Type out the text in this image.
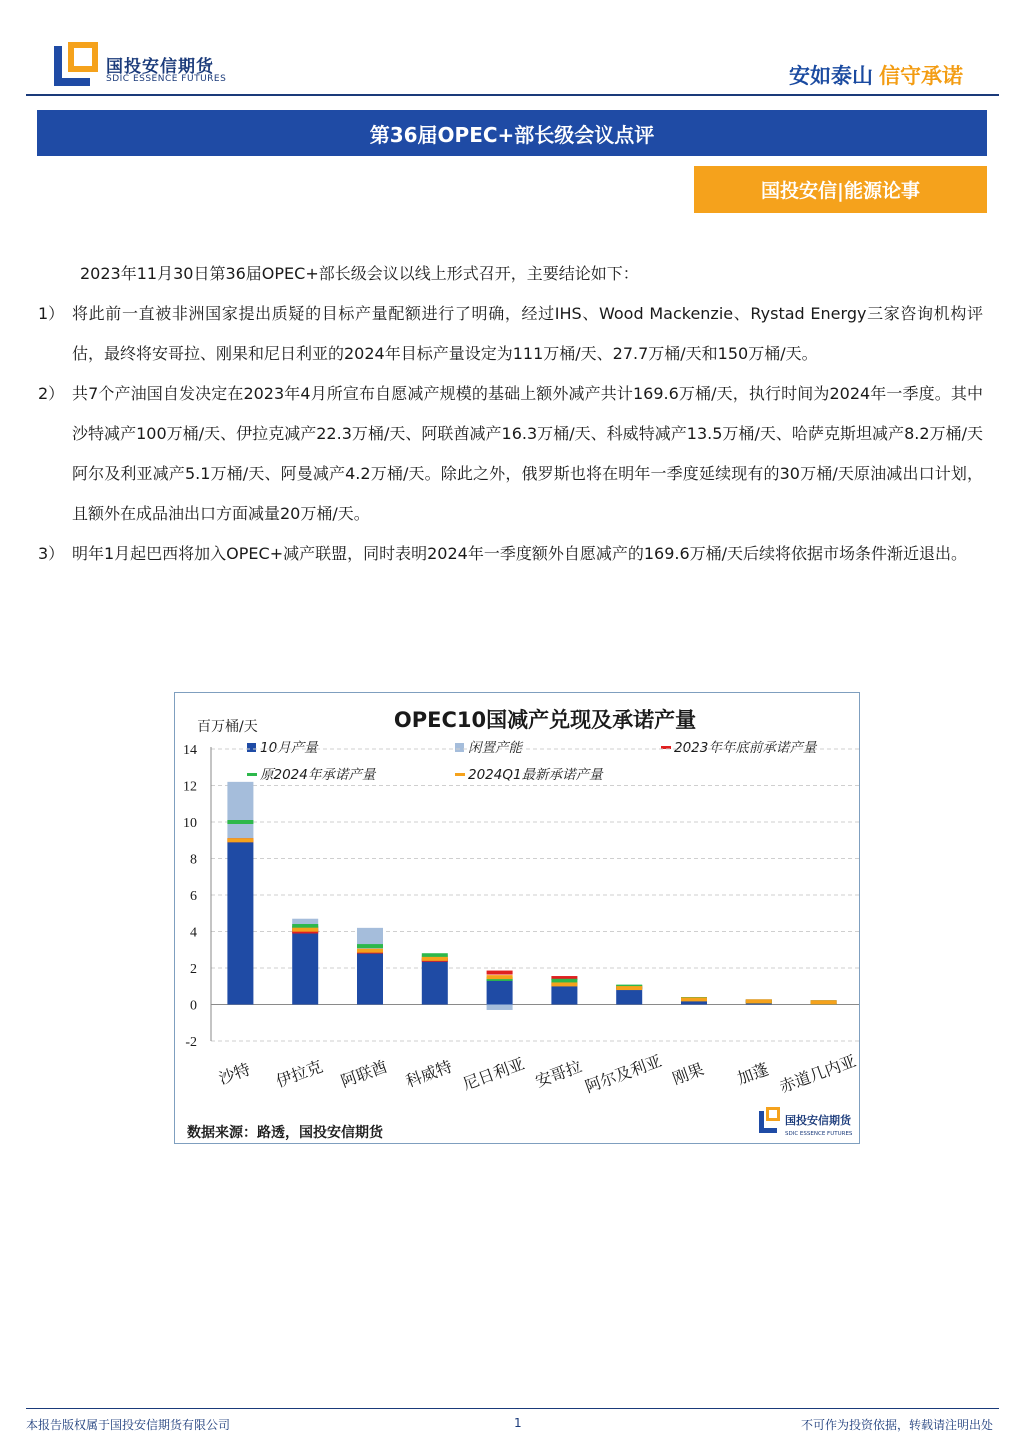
国投安信期货
SDIC ESSENCE FUTURES	安如泰山 信守承诺
第36届OPEC+部长级会议点评
国投安信|能源论事

2023年11月30日第36届OPEC+部长级会议以线上形式召开，主要结论如下：

1） 将此前一直被非洲国家提出质疑的目标产量配额进行了明确，经过IHS、Wood Mackenzie、Rystad Energy三家咨询机构评估，最终将安哥拉、刚果和尼日利亚的2024年目标产量设定为111万桶/天、27.7万桶/天和150万桶/天。
2） 共7个产油国自发决定在2023年4月所宣布自愿减产规模的基础上额外减产共计169.6万桶/天，执行时间为2024年一季度。其中沙特减产100万桶/天、伊拉克减产22.3万桶/天、阿联酋减产16.3万桶/天、科威特减产13.5万桶/天、哈萨克斯坦减产8.2万桶/天阿尔及利亚减产5.1万桶/天、阿曼减产4.2万桶/天。除此之外，俄罗斯也将在明年一季度延续现有的30万桶/天原油减出口计划，且额外在成品油出口方面减量20万桶/天。
3） 明年1月起巴西将加入OPEC+减产联盟，同时表明2024年一季度额外自愿减产的169.6万桶/天后续将依据市场条件渐近退出。
OPEC10国减产兑现及承诺产量
百万桶/天
10月产量	闲置产能	2023年年底前承诺产量
原2024年承诺产量	2024Q1最新承诺产量
-2
0
2
4
6
8
10
12
14
沙特 伊拉克 阿联酋 科威特 尼日利亚 安哥拉
阿尔及利亚 刚果 加蓬 赤道几内亚
数据来源：路透，国投安信期货
国投安信期货
SDIC ESSENCE FUTURES
本报告版权属于国投安信期货有限公司	1	不可作为投资依据，转载请注明出处
